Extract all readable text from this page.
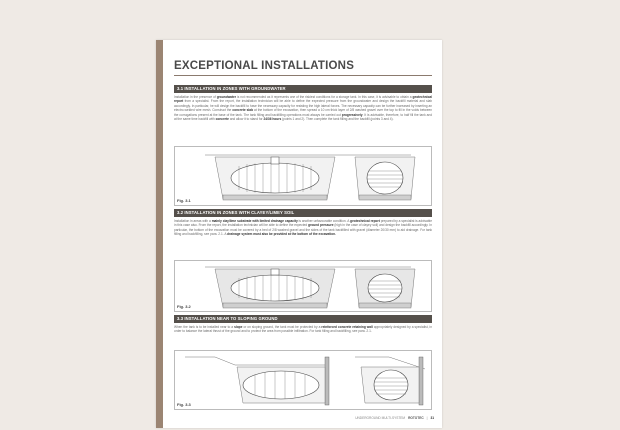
EXCEPTIONAL INSTALLATIONS
3.1 INSTALLATION IN ZONES WITH GROUNDWATER
Installation in the presence of groundwater is not recommended as it represents one of the riskiest conditions for a storage tank. In this case, it is advisable to obtain a geotechnical report from a specialist. From the report, the installation technician will be able to define the expected pressure from the groundwater and design the backfill material and slab accordingly. In particular, he will design the backfill to have the necessary capacity for resisting the high lateral forces. The necessary capacity can be further increased by inserting an electro-welded wire mesh. Construct the concrete slab at the bottom of the excavation, then spread a 10 cm thick layer of 2/8 washed gravel over the top to fill in the voids between the corrugations present at the base of the tank. The tank filling and backfilling operations must always be carried out progressively. It is advisable, therefore, to half fill the tank and at the same time backfill with concrete and allow it to stand for 24/36 hours (points 1 and 2). Then complete the tank filling and the backfill (points 3 and 4).
Fig. 3.1
3.2 INSTALLATION IN ZONES WITH CLAYEY/LIMEY SOIL
Installation in areas with a mainly clay/lime substrate with limited drainage capacity is another unfavourable condition. A geotechnical report prepared by a specialist is advisable in this case also. From the report, the installation technician will be able to define the expected ground pressure (high in the case of clayey soil) and design the backfill accordingly. In particular, the bottom of the excavation must be covered by a bed of 2/8 washed gravel and the sides of the tank backfilled with gravel (diameter 20/30 mm) to aid drainage. For tank filling and backfilling, see para. 2.1. A drainage system must also be provided at the bottom of the excavation.
Fig. 3.2
3.3 INSTALLATION NEAR TO SLOPING GROUND
When the tank is to be installed near to a slope or on sloping ground, the tank must be protected by a reinforced concrete retaining wall appropriately designed by a specialist, in order to balance the lateral thrust of the ground and to protect the area from possible infiltration. For tank filling and backfilling, see para. 2.1.
Fig. 3.3
UNDERGROUND MULTI-SYSTEM ROTOTEC | 31
